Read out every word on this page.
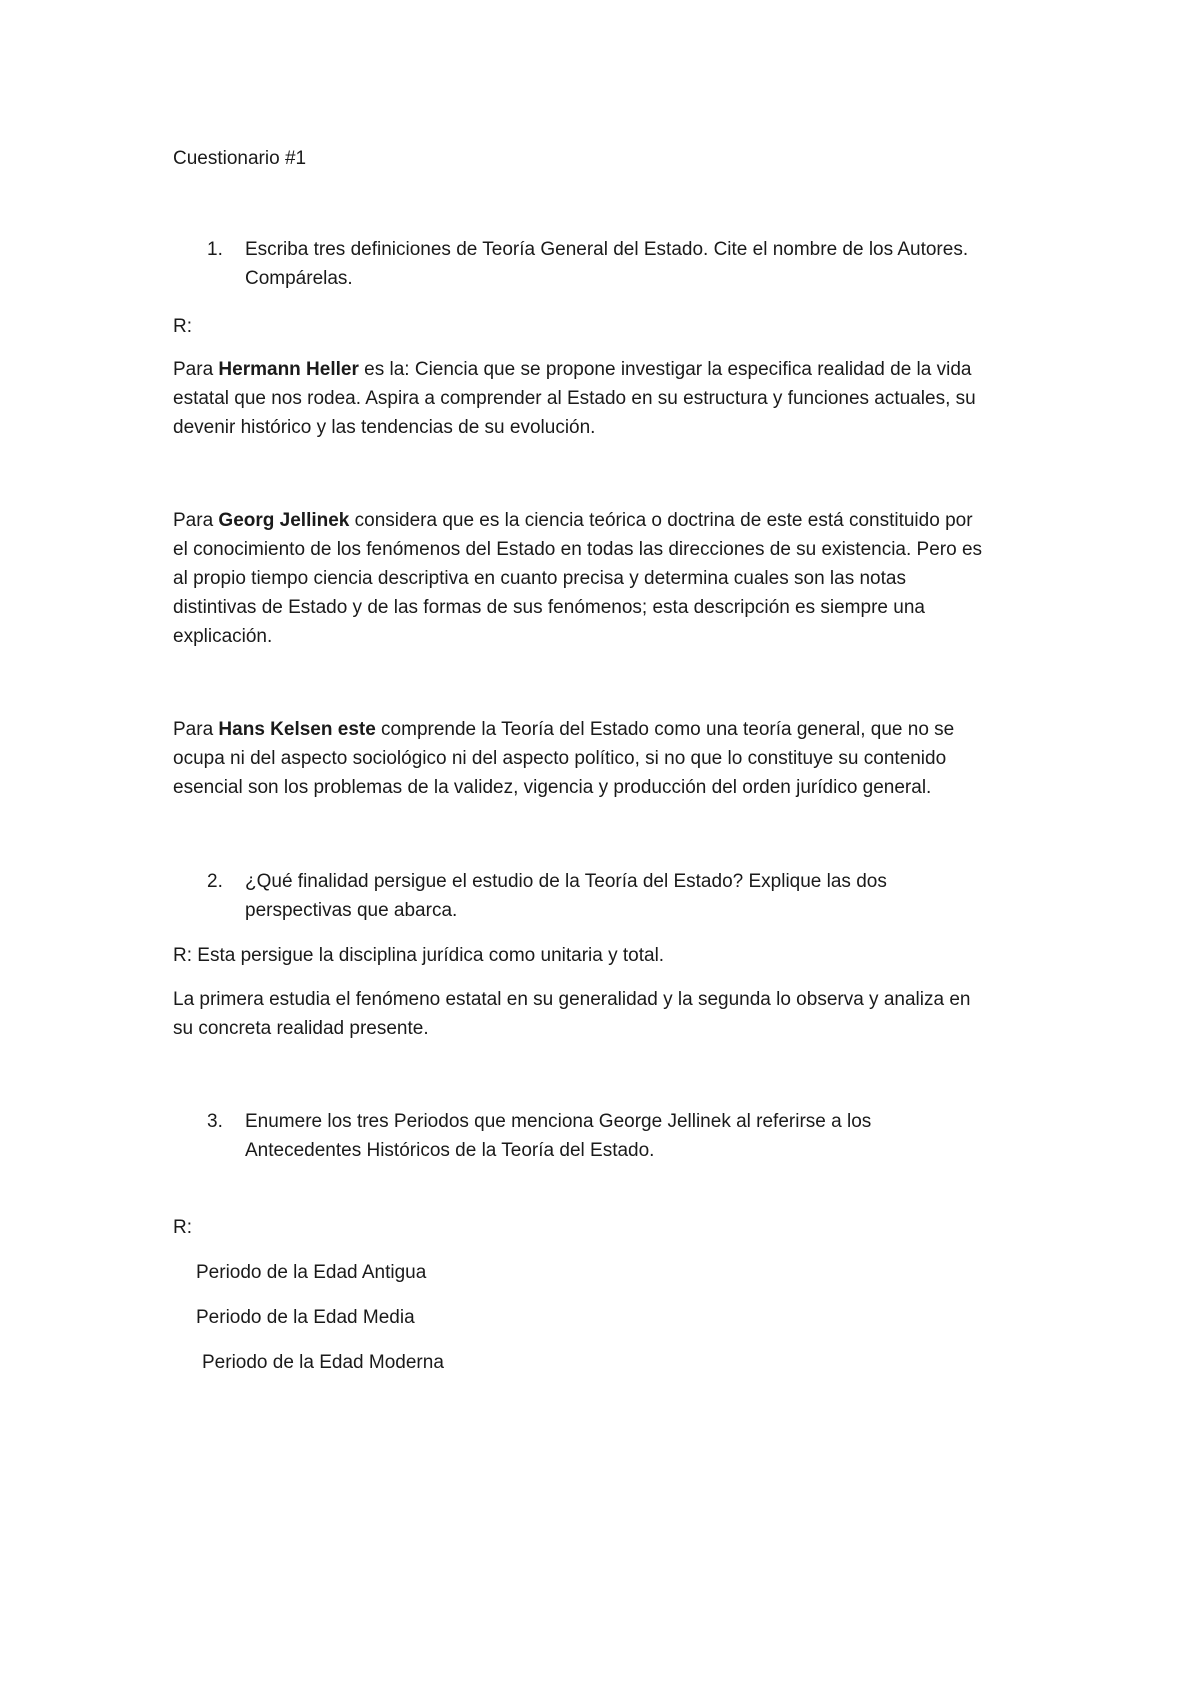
Cuestionario #1
1. Escriba tres definiciones de Teoría General del Estado. Cite el nombre de los Autores.
Compárelas.
R:
Para Hermann Heller es la: Ciencia que se propone investigar la especifica realidad de la vida
estatal que nos rodea. Aspira a comprender al Estado en su estructura y funciones actuales, su
devenir histórico y las tendencias de su evolución.
Para Georg Jellinek considera que es la ciencia teórica o doctrina de este está constituido por
el conocimiento de los fenómenos del Estado en todas las direcciones de su existencia. Pero es
al propio tiempo ciencia descriptiva en cuanto precisa y determina cuales son las notas
distintivas de Estado y de las formas de sus fenómenos; esta descripción es siempre una
explicación.
Para Hans Kelsen este comprende la Teoría del Estado como una teoría general, que no se
ocupa ni del aspecto sociológico ni del aspecto político, si no que lo constituye su contenido
esencial son los problemas de la validez, vigencia y producción del orden jurídico general.
2. ¿Qué finalidad persigue el estudio de la Teoría del Estado? Explique las dos
perspectivas que abarca.
R: Esta persigue la disciplina jurídica como unitaria y total.
La primera estudia el fenómeno estatal en su generalidad y la segunda lo observa y analiza en
su concreta realidad presente.
3. Enumere los tres Periodos que menciona George Jellinek al referirse a los
Antecedentes Históricos de la Teoría del Estado.
R:
Periodo de la Edad Antigua
Periodo de la Edad Media
Periodo de la Edad Moderna
